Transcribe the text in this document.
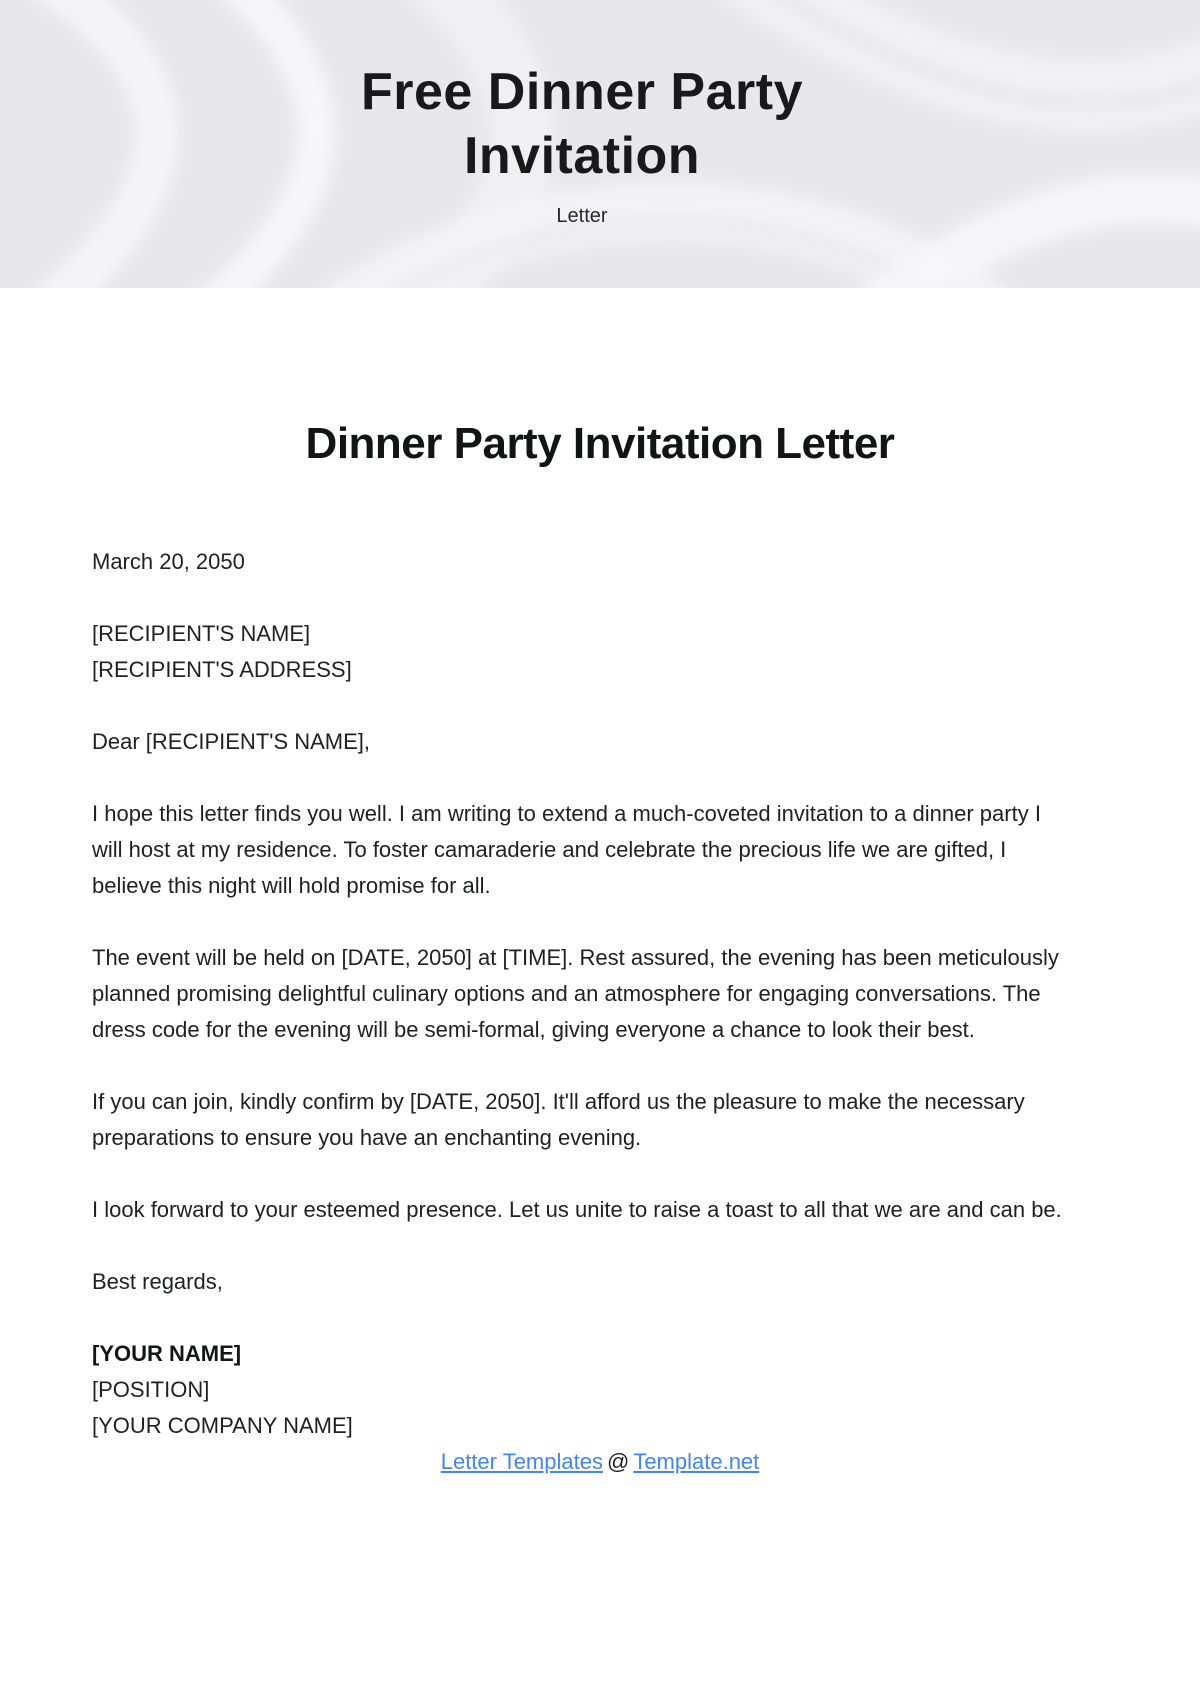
Free Dinner Party Invitation
Letter
Dinner Party Invitation Letter

March 20, 2050

[RECIPIENT'S NAME]
[RECIPIENT'S ADDRESS]

Dear [RECIPIENT'S NAME],

I hope this letter finds you well. I am writing to extend a much-coveted invitation to a dinner party I will host at my residence. To foster camaraderie and celebrate the precious life we are gifted, I believe this night will hold promise for all.

The event will be held on [DATE, 2050] at [TIME]. Rest assured, the evening has been meticulously planned promising delightful culinary options and an atmosphere for engaging conversations. The dress code for the evening will be semi-formal, giving everyone a chance to look their best.

If you can join, kindly confirm by [DATE, 2050]. It'll afford us the pleasure to make the necessary preparations to ensure you have an enchanting evening.

I look forward to your esteemed presence. Let us unite to raise a toast to all that we are and can be.

Best regards,

[YOUR NAME]
[POSITION]
[YOUR COMPANY NAME]
Letter Templates @ Template.net
